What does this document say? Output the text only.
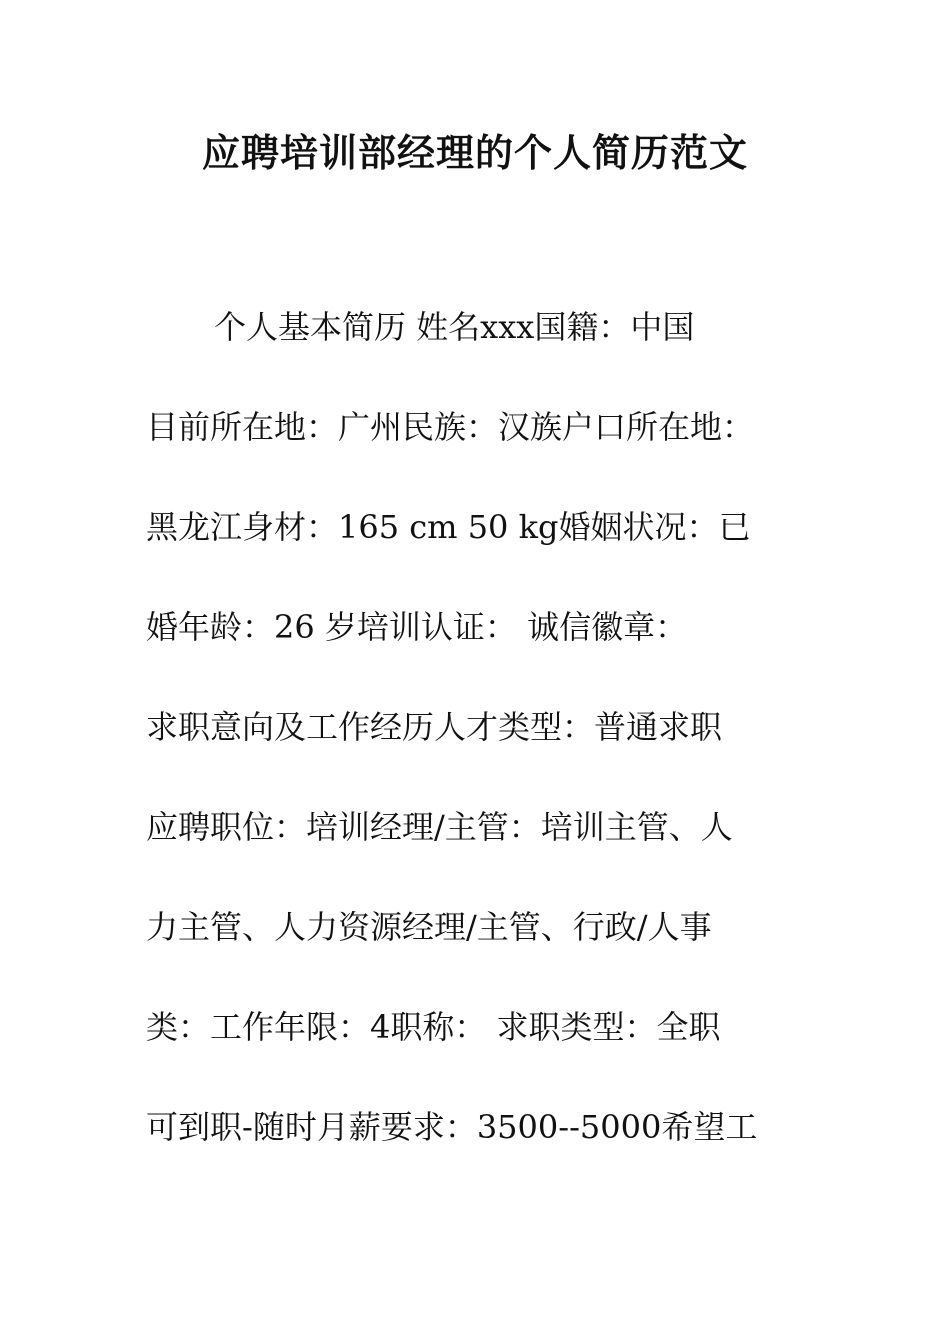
应聘培训部经理的个人简历范文

个人基本简历 姓名xxx国籍：中国

目前所在地：广州民族：汉族户口所在地：

黑龙江身材：165 cm 50 kg婚姻状况：已

婚年龄：26 岁培训认证： 诚信徽章：

求职意向及工作经历人才类型：普通求职

应聘职位：培训经理/主管：培训主管、人

力主管、人力资源经理/主管、行政/人事

类：工作年限：4职称： 求职类型：全职

可到职-随时月薪要求：3500--5000希望工
